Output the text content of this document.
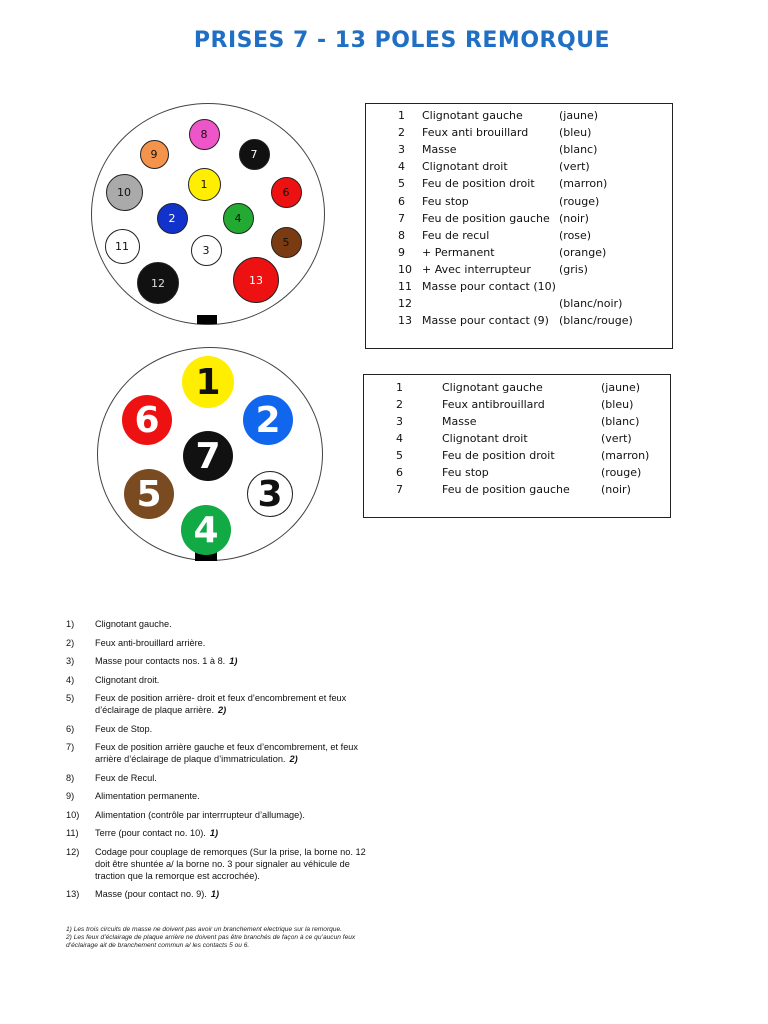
PRISES 7 - 13 POLES REMORQUE
8
9	7
10
1
6
2	4
11	3
5
12	13
1
6	2
7
5	3
4
1 Clignotant gauche	(jaune)
2 Feux anti brouillard	(bleu)
3 Masse	(blanc)
4 Clignotant droit	(vert)
5 Feu de position droit (marron)
6 Feu stop	(rouge)
7 Feu de position gauche (noir)
8 Feu de recul	(rose)
9 + Permanent	(orange)
10 + Avec interrupteur	(gris)
11 Masse pour contact (10)
12	(blanc/noir)
13 Masse pour contact (9) (blanc/rouge)
1	Clignotant gauche	(jaune)
2	Feux antibrouillard	(bleu)
3	Masse	(blanc)
4	Clignotant droit	(vert)
5	Feu de position droit	(marron)
6	Feu stop	(rouge)
7	Feu de position gauche	(noir)
1)	Clignotant gauche.
2)	Feux anti-brouillard arrière.
3)	Masse pour contacts nos. 1 à 8. 1)
4)	Clignotant droit.
5)	Feux de position arrière- droit et feux d’encombrement et feux d’éclairage de plaque arrière. 2)
6)	Feux de Stop.
7)	Feux de position arrière gauche et feux d’encombrement, et feux arrière d’éclairage de plaque d’immatriculation. 2)
8)	Feux de Recul.
9)	Alimentation permanente.
10)	Alimentation (contrôle par interrrupteur d’allumage).
11)	Terre (pour contact no. 10). 1)
12)	Codage pour couplage de remorques (Sur la prise, la borne no. 12 doit être shuntée a/ la borne no. 3 pour signaler au véhicule de traction que la remorque est accrochée).
13)	Masse (pour contact no. 9). 1)
1) Les trois circuits de masse ne doivent pas avoir un branchement electrique sur la remorque.
2) Les feux d’éclairage de plaque arrière ne doivent pas être branchés de façon à ce qu’aucun feux d’éclairage ait de branchement commun a/ les contacts 5 ou 6.
